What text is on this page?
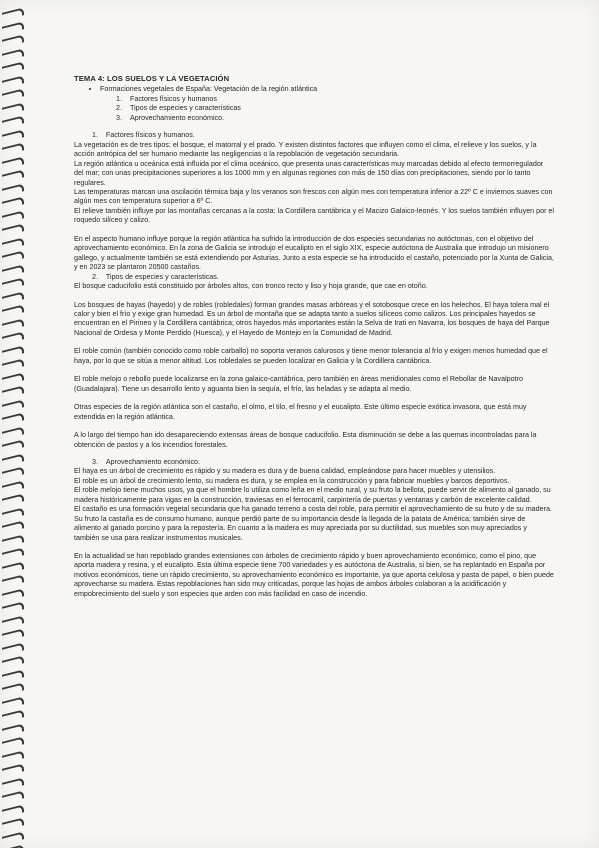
TEMA 4: LOS SUELOS Y LA VEGETACIÓN
• Formaciones vegetales de España: Vegetación de la región atlántica
1. Factores físicos y humanos
2. Tipos de especies y características
3. Aprovechamiento económico.
1. Factores físicos y humanos.

La vegetación es de tres tipos: el bosque, el matorral y el prado. Y existen distintos factores que influyen como el clima, el relieve y los suelos, y la acción antrópica del ser humano mediante las negligencias o la repoblación de vegetación secundaria.

La región atlántica u oceánica está influida por el clima oceánico, que presenta unas características muy marcadas debido al efecto termorregulador del mar; con unas precipitaciones superiores a los 1000 mm y en algunas regiones con más de 150 días con precipitaciones, siendo por lo tanto regulares.

Las temperaturas marcan una oscilación térmica baja y los veranos son frescos con algún mes con temperatura inferior a 22º C e inviernos suaves con algún mes con temperatura superior a 6º C.

El relieve también influye por las montañas cercanas a la costa: la Cordillera cantábrica y el Macizo Galaico-leonés. Y los suelos también influyen por el roquedo silíceo y calizo.

En el aspecto humano influye porque la región atlántica ha sufrido la introducción de dos especies secundarias no autóctonas, con el objetivo del aprovechamiento económico. En la zona de Galicia se introdujo el eucalipto en el siglo XIX, especie autóctona de Australia que introdujo un misionero gallego, y actualmente también se está extendiendo por Asturias. Junto a esta especie se ha introducido el castaño, potenciado por la Xunta de Galicia, y en 2023 se plantaron 20500 castaños.

2. Tipos de especies y características.

El bosque caducifolio está constituido por árboles altos, con tronco recto y liso y hoja grande, que cae en otoño.

Los bosques de hayas (hayedo) y de robles (robledales) forman grandes masas arbóreas y el sotobosque crece en los helechos. El haya tolera mal el calor y bien el frío y exige gran humedad. Es un árbol de montaña que se adapta tanto a suelos silíceos como calizos. Los principales hayedos se encuentran en el Pirineo y la Cordillera cantábrica; otros hayedos más importantes están la Selva de Irati en Navarra, los bosques de haya del Parque Nacional de Ordesa y Monte Perdido (Huesca), y el Hayedo de Montejo en la Comunidad de Madrid.

El roble común (también conocido como roble carballo) no soporta veranos calurosos y tiene menor tolerancia al frío y exigen menos humedad que el haya, por lo que se sitúa a menor altitud. Los robledales se pueden localizar en Galicia y la Cordillera cantábrica.

El roble melojo o rebollo puede localizarse en la zona galaico-cantábrica, pero también en áreas meridionales como el Rebollar de Navalpotro (Guadalajara). Tiene un desarrollo lento y aguanta bien la sequía, el frío, las heladas y se adapta al medio.

Otras especies de la región atlántica son el castaño, el olmo, el tilo, el fresno y el eucalipto. Este último especie exótica invasora, que está muy extendida en la región atlántica.

A lo largo del tiempo han ido desapareciendo extensas áreas de bosque caducifolio. Esta disminución se debe a las quemas incontroladas para la obtención de pastos y a los incendios forestales.

3. Aprovechamiento económico.

El haya es un árbol de crecimiento es rápido y su madera es dura y de buena calidad, empleándose para hacer muebles y utensilios.

El roble es un árbol de crecimiento lento, su madera es dura, y se emplea en la construcción y para fabricar muebles y barcos deportivos.

El roble melojo tiene muchos usos, ya que el hombre lo utiliza como leña en el medio rural, y su fruto la bellota, puede servir de alimento al ganado, su madera históricamente para vigas en la construcción, traviesas en el ferrocarril, carpintería de puertas y ventanas y carbón de excelente calidad.

El castaño es una formación vegetal secundaria que ha ganado terreno a costa del roble, para permitir el aprovechamiento de su fruto y de su madera. Su fruto la castaña es de consumo humano, aunque perdió parte de su importancia desde la llegada de la patata de América; también sirve de alimento al ganado porcino y para la repostería. En cuanto a la madera es muy apreciada por su ductilidad, sus muebles son muy apreciados y también se usa para realizar instrumentos musicales.

En la actualidad se han repoblado grandes extensiones con árboles de crecimiento rápido y buen aprovechamiento económico, como el pino, que aporta madera y resina, y el eucalipto. Esta última especie tiene 700 variedades y es autóctona de Australia, si bien, se ha replantado en España por motivos económicos, tiene un rápido crecimiento, su aprovechamiento económico es importante, ya que aporta celulosa y pasta de papel, o bien puede aprovecharse su madera. Estas repoblaciones han sido muy criticadas, porque las hojas de ambos árboles colaboran a la acidificación y empobrecimiento del suelo y son especies que arden con más facilidad en caso de incendio.
